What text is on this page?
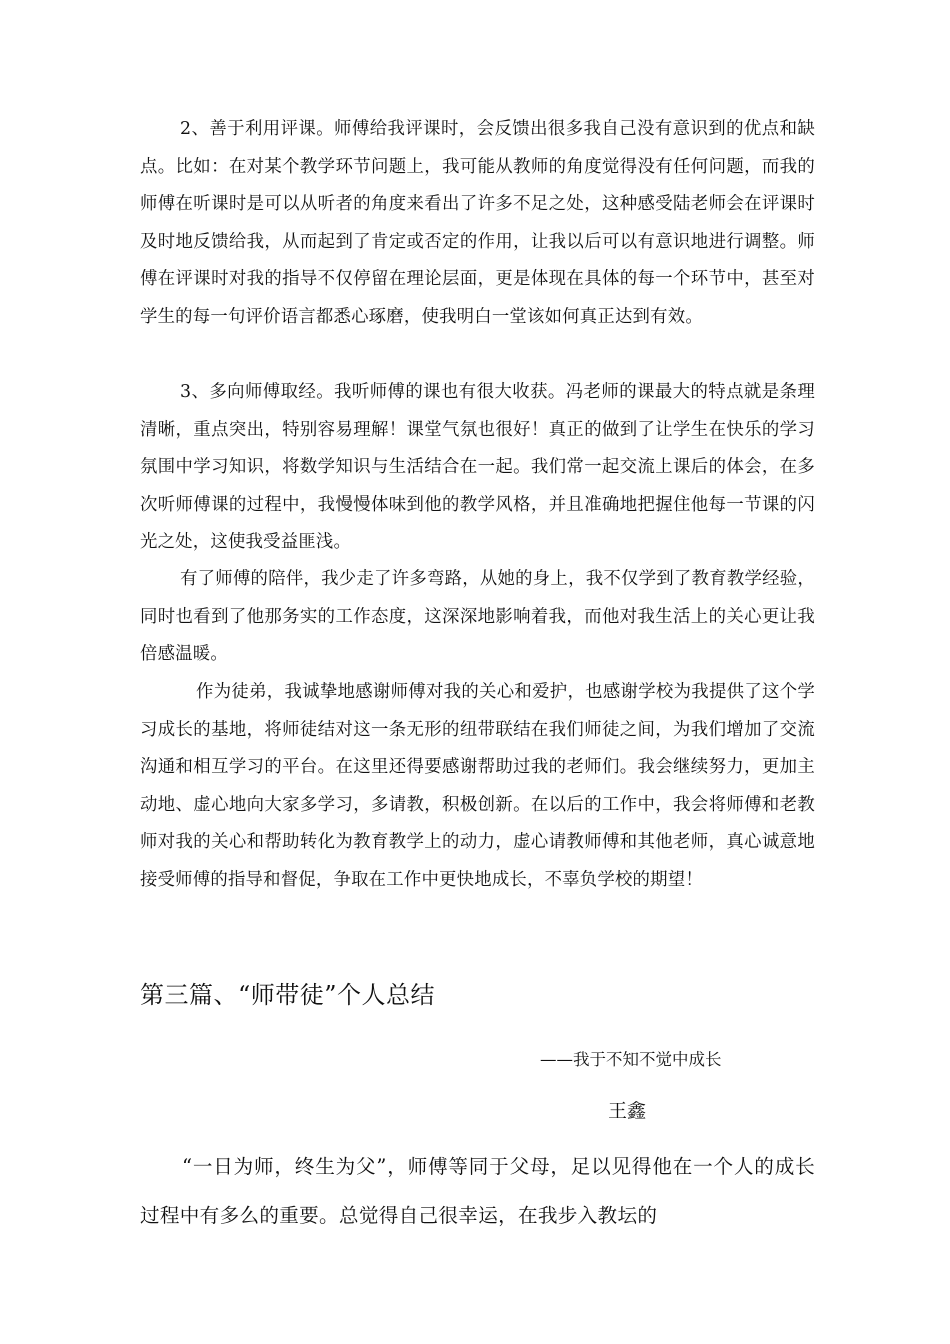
2、善于利用评课。师傅给我评课时，会反馈出很多我自己没有意识到的优点和缺点。比如：在对某个教学环节问题上，我可能从教师的角度觉得没有任何问题，而我的师傅在听课时是可以从听者的角度来看出了许多不足之处，这种感受陆老师会在评课时及时地反馈给我，从而起到了肯定或否定的作用，让我以后可以有意识地进行调整。师傅在评课时对我的指导不仅停留在理论层面，更是体现在具体的每一个环节中，甚至对学生的每一句评价语言都悉心琢磨，使我明白一堂该如何真正达到有效。

3、多向师傅取经。我听师傅的课也有很大收获。冯老师的课最大的特点就是条理清晰，重点突出，特别容易理解！课堂气氛也很好！真正的做到了让学生在快乐的学习氛围中学习知识，将数学知识与生活结合在一起。我们常一起交流上课后的体会，在多次听师傅课的过程中，我慢慢体味到他的教学风格，并且准确地把握住他每一节课的闪光之处，这使我受益匪浅。

有了师傅的陪伴，我少走了许多弯路，从她的身上，我不仅学到了教育教学经验，同时也看到了他那务实的工作态度，这深深地影响着我，而他对我生活上的关心更让我倍感温暖。

作为徒弟，我诚挚地感谢师傅对我的关心和爱护，也感谢学校为我提供了这个学习成长的基地，将师徒结对这一条无形的纽带联结在我们师徒之间，为我们增加了交流沟通和相互学习的平台。在这里还得要感谢帮助过我的老师们。我会继续努力，更加主动地、虚心地向大家多学习，多请教，积极创新。在以后的工作中，我会将师傅和老教师对我的关心和帮助转化为教育教学上的动力，虚心请教师傅和其他老师，真心诚意地接受师傅的指导和督促，争取在工作中更快地成长，不辜负学校的期望！

第三篇、“师带徒”个人总结
——我于不知不觉中成长
王鑫

“一日为师，终生为父”，师傅等同于父母，足以见得他在一个人的成长过程中有多么的重要。总觉得自己很幸运，在我步入教坛的
